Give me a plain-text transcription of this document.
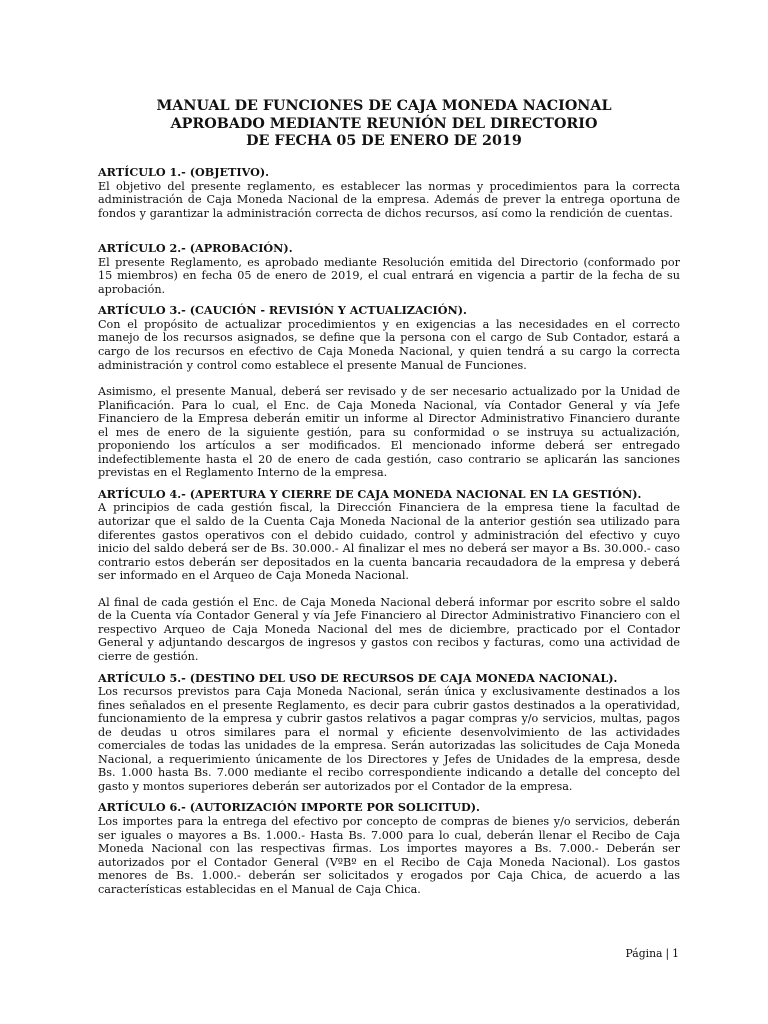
MANUAL DE FUNCIONES DE CAJA MONEDA NACIONAL
APROBADO MEDIANTE REUNIÓN DEL DIRECTORIO
DE FECHA 05 DE ENERO DE 2019

ARTÍCULO 1.- (OBJETIVO).

El objetivo del presente reglamento, es establecer las normas y procedimientos para la correcta administración de Caja Moneda Nacional de la empresa. Además de prever la entrega oportuna de fondos y garantizar la administración correcta de dichos recursos, así como la rendición de cuentas.

ARTÍCULO 2.- (APROBACIÓN).

El presente Reglamento, es aprobado mediante Resolución emitida del Directorio (conformado por 15 miembros) en fecha 05 de enero de 2019, el cual entrará en vigencia a partir de la fecha de su aprobación.

ARTÍCULO 3.- (CAUCIÓN - REVISIÓN Y ACTUALIZACIÓN).

Con el propósito de actualizar procedimientos y en exigencias a las necesidades en el correcto manejo de los recursos asignados, se define que la persona con el cargo de Sub Contador, estará a cargo de los recursos en efectivo de Caja Moneda Nacional, y quien tendrá a su cargo la correcta administración y control como establece el presente Manual de Funciones.

Asimismo, el presente Manual, deberá ser revisado y de ser necesario actualizado por la Unidad de Planificación. Para lo cual, el Enc. de Caja Moneda Nacional, vía Contador General y vía Jefe Financiero de la Empresa deberán emitir un informe al Director Administrativo Financiero durante el mes de enero de la siguiente gestión, para su conformidad o se instruya su actualización, proponiendo los artículos a ser modificados. El mencionado informe deberá ser entregado indefectiblemente hasta el 20 de enero de cada gestión, caso contrario se aplicarán las sanciones previstas en el Reglamento Interno de la empresa.

ARTÍCULO 4.- (APERTURA Y CIERRE DE CAJA MONEDA NACIONAL EN LA GESTIÓN).

A principios de cada gestión fiscal, la Dirección Financiera de la empresa tiene la facultad de autorizar que el saldo de la Cuenta Caja Moneda Nacional de la anterior gestión sea utilizado para diferentes gastos operativos con el debido cuidado, control y administración del efectivo y cuyo inicio del saldo deberá ser de Bs. 30.000.- Al finalizar el mes no deberá ser mayor a Bs. 30.000.- caso contrario estos deberán ser depositados en la cuenta bancaria recaudadora de la empresa y deberá ser informado en el Arqueo de Caja Moneda Nacional.

Al final de cada gestión el Enc. de Caja Moneda Nacional deberá informar por escrito sobre el saldo de la Cuenta vía Contador General y vía Jefe Financiero al Director Administrativo Financiero con el respectivo Arqueo de Caja Moneda Nacional del mes de diciembre, practicado por el Contador General y adjuntando descargos de ingresos y gastos con recibos y facturas, como una actividad de cierre de gestión.

ARTÍCULO 5.- (DESTINO DEL USO DE RECURSOS DE CAJA MONEDA NACIONAL).

Los recursos previstos para Caja Moneda Nacional, serán única y exclusivamente destinados a los fines señalados en el presente Reglamento, es decir para cubrir gastos destinados a la operatividad, funcionamiento de la empresa y cubrir gastos relativos a pagar compras y/o servicios, multas, pagos de deudas u otros similares para el normal y eficiente desenvolvimiento de las actividades comerciales de todas las unidades de la empresa. Serán autorizadas las solicitudes de Caja Moneda Nacional, a requerimiento únicamente de los Directores y Jefes de Unidades de la empresa, desde Bs. 1.000 hasta Bs. 7.000 mediante el recibo correspondiente indicando a detalle del concepto del gasto y montos superiores deberán ser autorizados por el Contador de la empresa.

ARTÍCULO 6.- (AUTORIZACIÓN IMPORTE POR SOLICITUD).

Los importes para la entrega del efectivo por concepto de compras de bienes y/o servicios, deberán ser iguales o mayores a Bs. 1.000.- Hasta Bs. 7.000 para lo cual, deberán llenar el Recibo de Caja Moneda Nacional con las respectivas firmas. Los importes mayores a Bs. 7.000.- Deberán ser autorizados por el Contador General (VºBº en el Recibo de Caja Moneda Nacional). Los gastos menores de Bs. 1.000.- deberán ser solicitados y erogados por Caja Chica, de acuerdo a las características establecidas en el Manual de Caja Chica.

Página | 1
